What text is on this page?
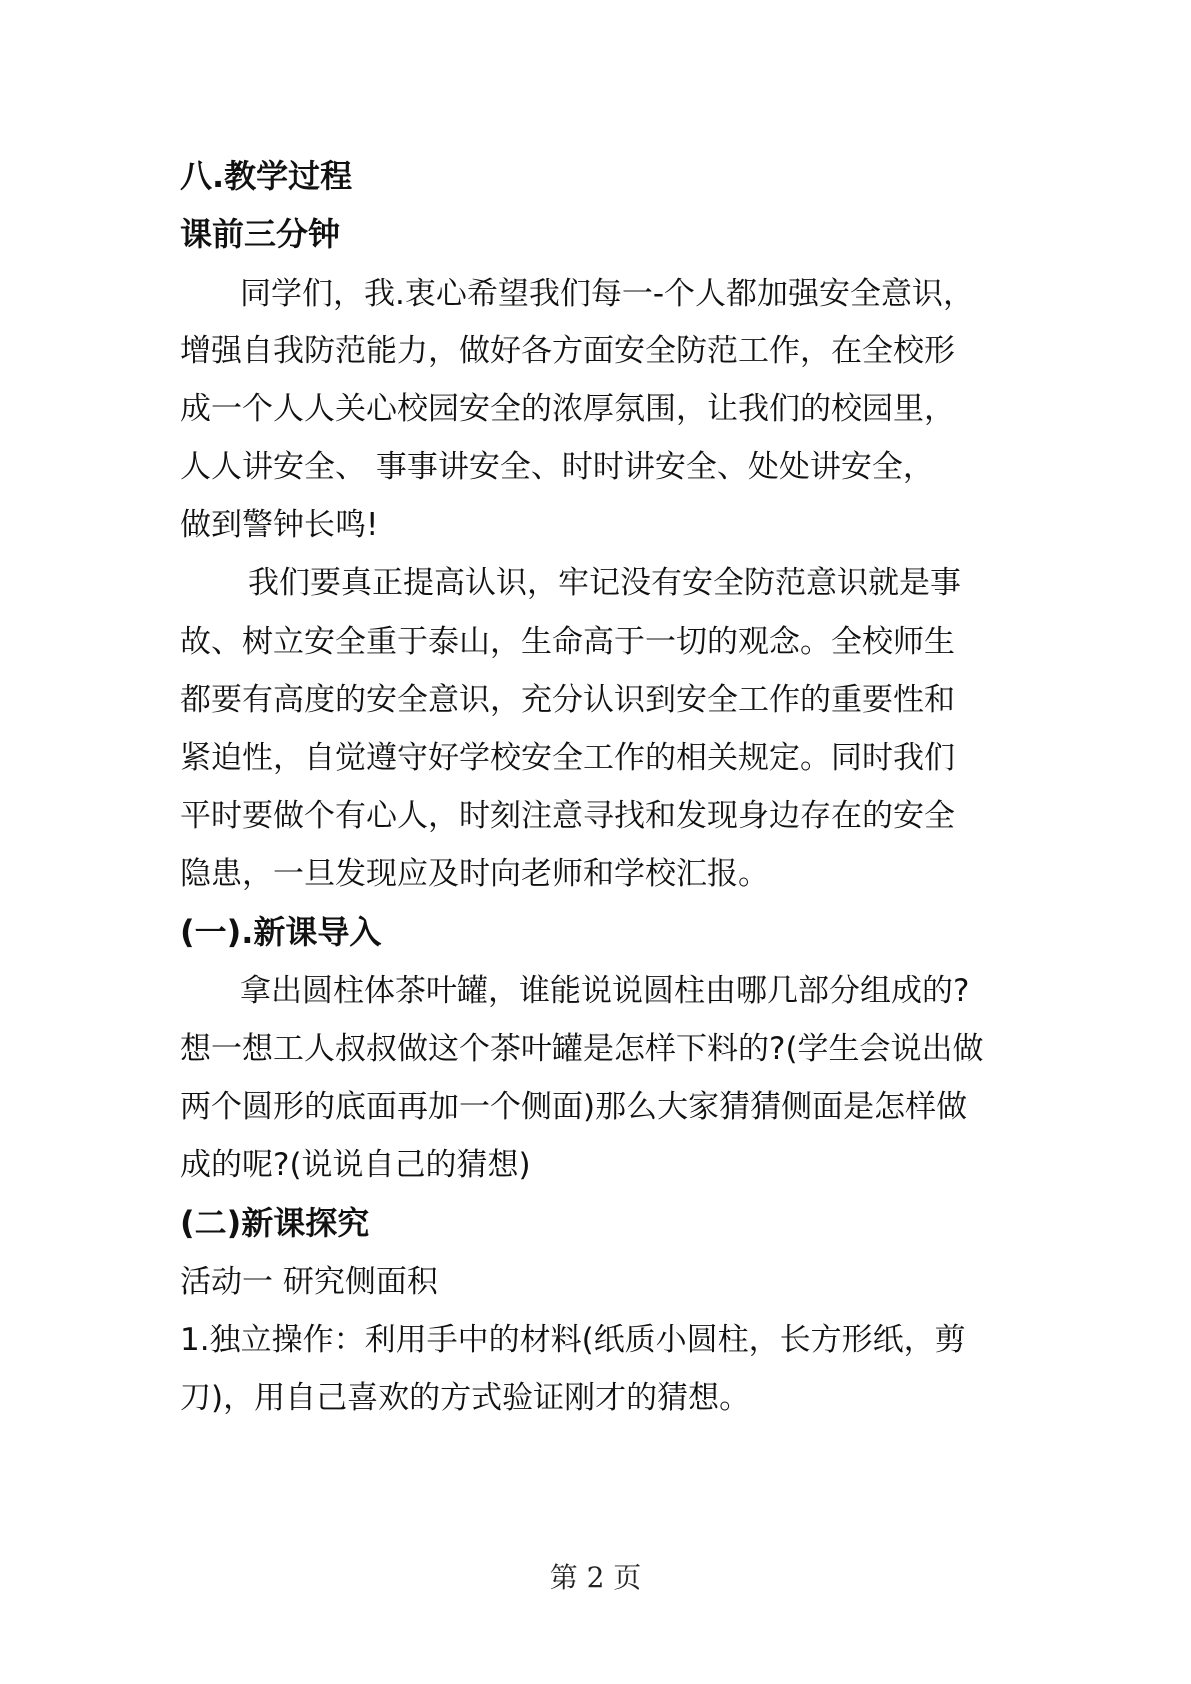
八.教学过程
课前三分钟
同学们，我.衷心希望我们每一-个人都加强安全意识，
增强自我防范能力，做好各方面安全防范工作，在全校形
成一个人人关心校园安全的浓厚氛围，让我们的校园里，
人人讲安全、 事事讲安全、时时讲安全、处处讲安全，
做到警钟长鸣!
我们要真正提高认识，牢记没有安全防范意识就是事
故、树立安全重于泰山，生命高于一切的观念。全校师生
都要有高度的安全意识，充分认识到安全工作的重要性和
紧迫性，自觉遵守好学校安全工作的相关规定。同时我们
平时要做个有心人，时刻注意寻找和发现身边存在的安全
隐患，一旦发现应及时向老师和学校汇报。
(一).新课导入
拿出圆柱体茶叶罐，谁能说说圆柱由哪几部分组成的?
想一想工人叔叔做这个茶叶罐是怎样下料的?(学生会说出做
两个圆形的底面再加一个侧面)那么大家猜猜侧面是怎样做
成的呢?(说说自己的猜想)
(二)新课探究
活动一 研究侧面积
1.独立操作：利用手中的材料(纸质小圆柱，长方形纸，剪
刀)，用自己喜欢的方式验证刚才的猜想。
第 2 页
